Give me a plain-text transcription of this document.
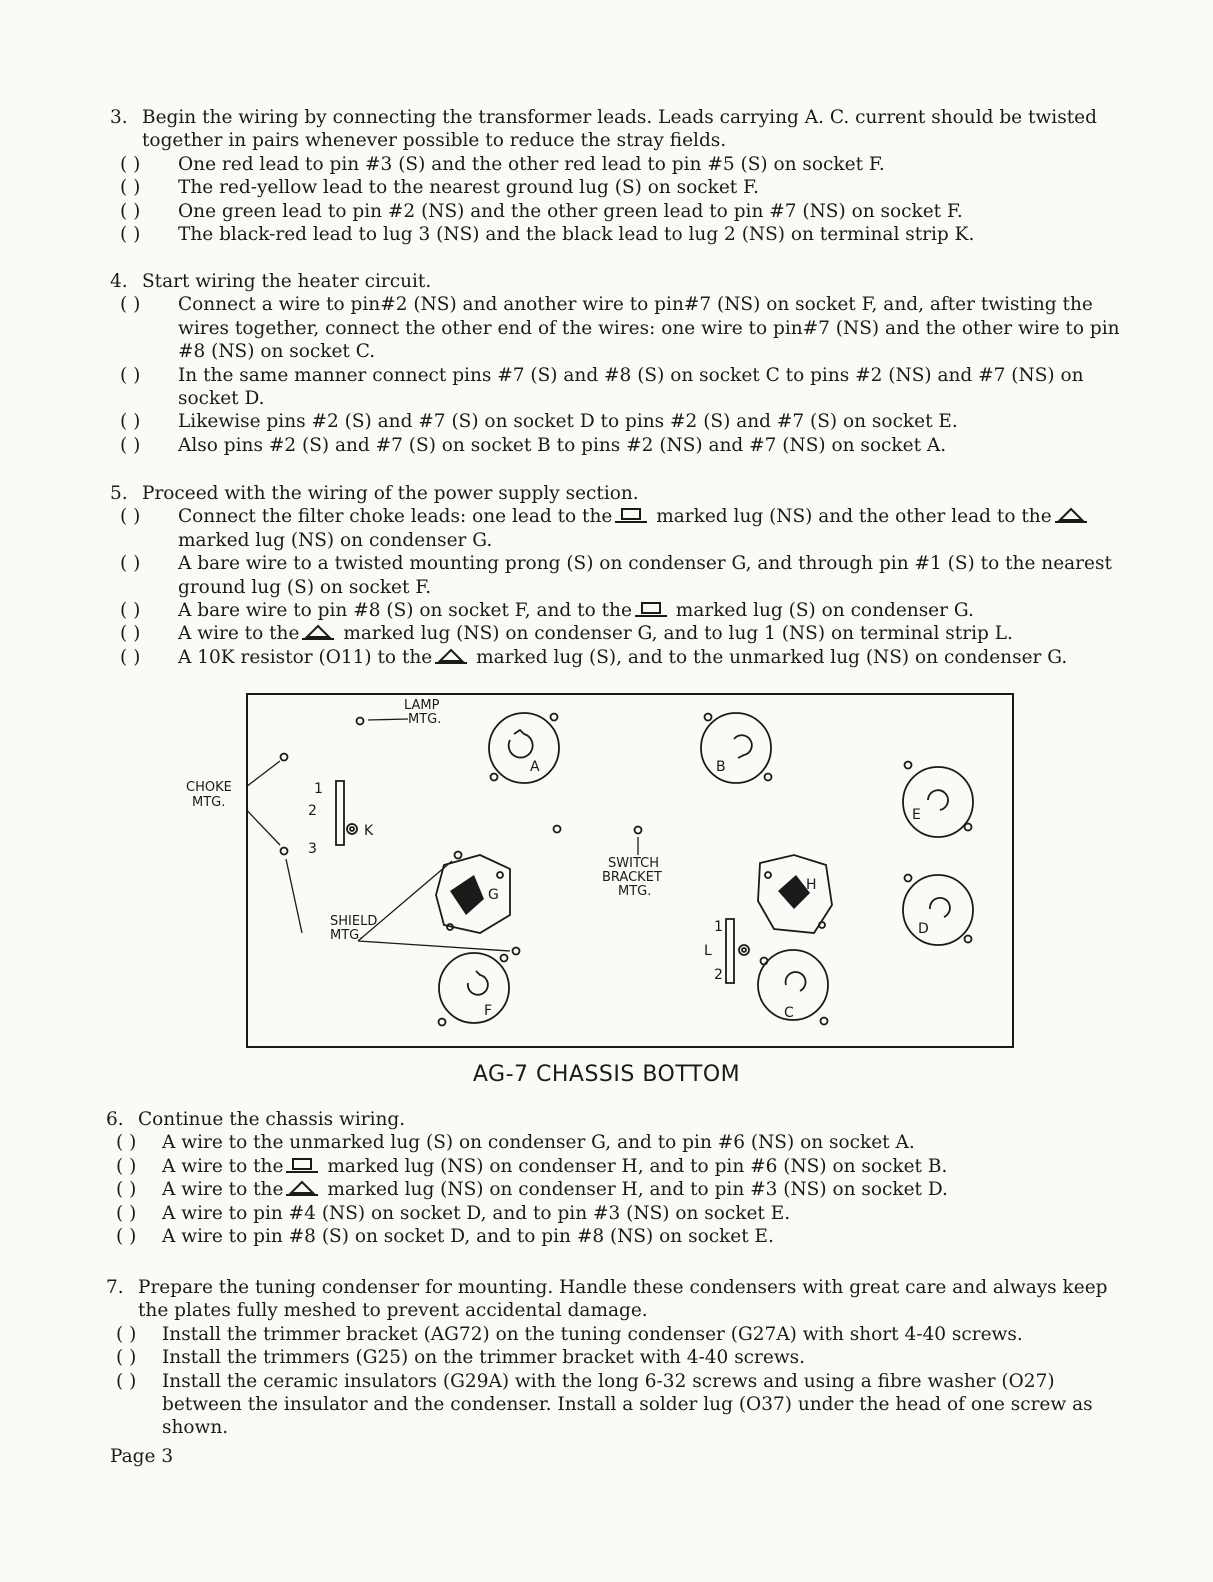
3. Begin the wiring by connecting the transformer leads. Leads carrying A. C. current should be twisted together in pairs whenever possible to reduce the stray fields.
( ) One red lead to pin #3 (S) and the other red lead to pin #5 (S) on socket F.
( ) The red-yellow lead to the nearest ground lug (S) on socket F.
( ) One green lead to pin #2 (NS) and the other green lead to pin #7 (NS) on socket F.
( ) The black-red lead to lug 3 (NS) and the black lead to lug 2 (NS) on terminal strip K.
4. Start wiring the heater circuit.
( ) Connect a wire to pin#2 (NS) and another wire to pin#7 (NS) on socket F, and, after twisting the wires together, connect the other end of the wires: one wire to pin#7 (NS) and the other wire to pin #8 (NS) on socket C.
( ) In the same manner connect pins #7 (S) and #8 (S) on socket C to pins #2 (NS) and #7 (NS) on socket D.
( ) Likewise pins #2 (S) and #7 (S) on socket D to pins #2 (S) and #7 (S) on socket E.
( ) Also pins #2 (S) and #7 (S) on socket B to pins #2 (NS) and #7 (NS) on socket A.
5. Proceed with the wiring of the power supply section.
( ) Connect the filter choke leads: one lead to the marked lug (NS) and the other lead to the marked lug (NS) on condenser G.
( ) A bare wire to a twisted mounting prong (S) on condenser G, and through pin #1 (S) to the nearest ground lug (S) on socket F.
( ) A bare wire to pin #8 (S) on socket F, and to the marked lug (S) on condenser G.
( ) A wire to the marked lug (NS) on condenser G, and to lug 1 (NS) on terminal strip L.
( ) A 10K resistor (O11) to the marked lug (S), and to the unmarked lug (NS) on condenser G.
LAMP
MTG.
SHIELD
MTG.
SWITCH
BRACKET
MTG.
K
L
1
2
3
1
2
A	B
C
D
E
F
G
H
CHOKE
MTG.
AG-7 CHASSIS BOTTOM
6. Continue the chassis wiring.
( ) A wire to the unmarked lug (S) on condenser G, and to pin #6 (NS) on socket A.
( ) A wire to the marked lug (NS) on condenser H, and to pin #6 (NS) on socket B.
( ) A wire to the marked lug (NS) on condenser H, and to pin #3 (NS) on socket D.
( ) A wire to pin #4 (NS) on socket D, and to pin #3 (NS) on socket E.
( ) A wire to pin #8 (S) on socket D, and to pin #8 (NS) on socket E.
7. Prepare the tuning condenser for mounting. Handle these condensers with great care and always keep the plates fully meshed to prevent accidental damage.
( ) Install the trimmer bracket (AG72) on the tuning condenser (G27A) with short 4-40 screws.
( ) Install the trimmers (G25) on the trimmer bracket with 4-40 screws.
( ) Install the ceramic insulators (G29A) with the long 6-32 screws and using a fibre washer (O27) between the insulator and the condenser. Install a solder lug (O37) under the head of one screw as shown.
Page 3
